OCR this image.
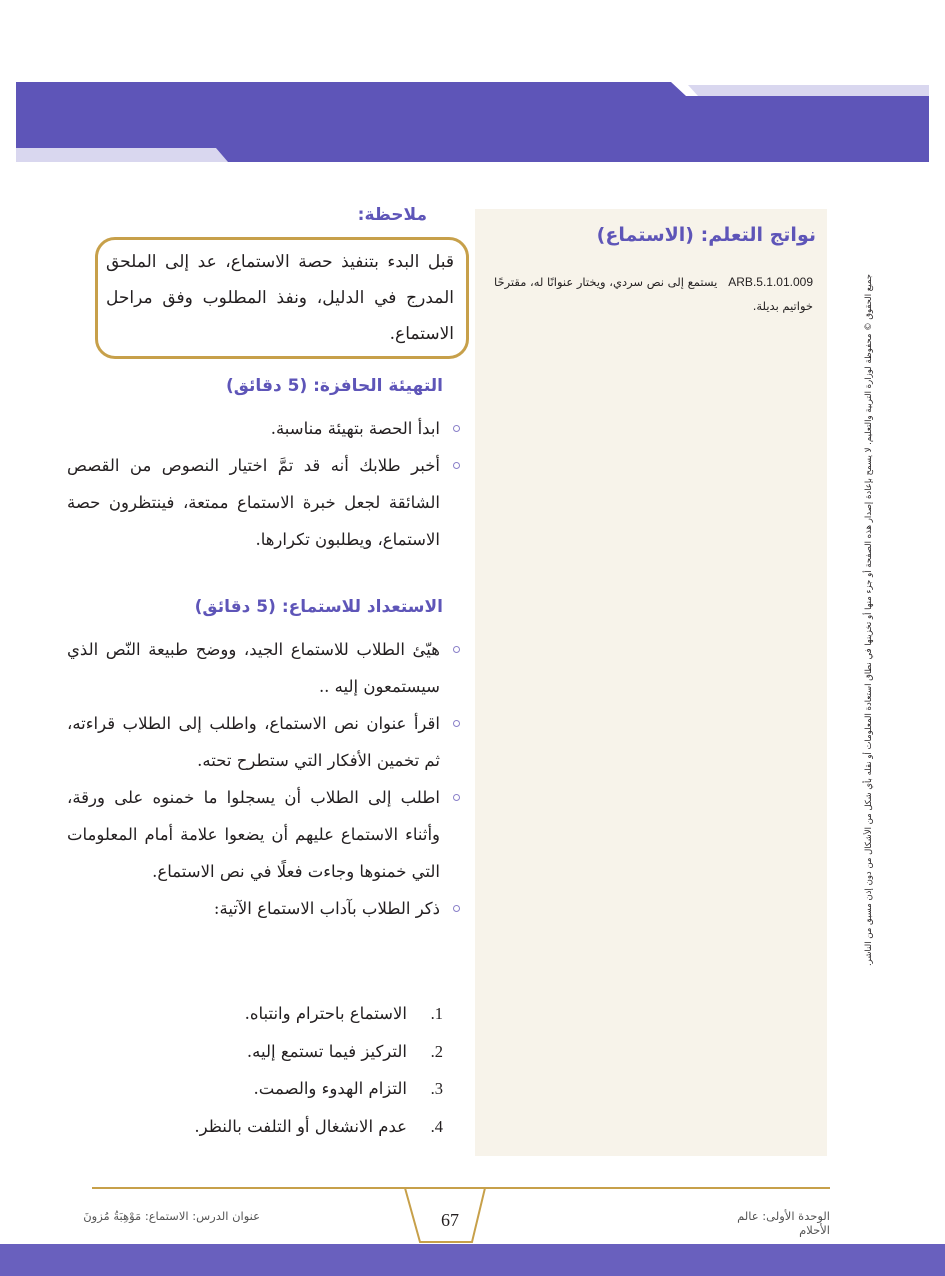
نواتج التعلم: (الاستماع)
ARB.5.1.01.009   يستمع إلى نص سردي، ويختار عنوانًا له، مقترحًا خواتيم بديلة.	جميع الحقوق © محفوظة لوزارة التربية والتعليم. لا يسمح بإعادة إصدار هذه الصفحة أو جزء منها أو تخزينها في نطاق استعادة المعلومات أو نقله بأي شكل من الأشكال من دون إذن مسبق من الناشر.
ملاحظة:
قبل البدء بتنفيذ حصة الاستماع، عد إلى الملحق المدرج في الدليل، ونفذ المطلوب وفق مراحل الاستماع.
التهيئة الحافزة: (5 دقائق)
ابدأ الحصة بتهيئة مناسبة.
أخبر طلابك أنه قد تمَّ اختيار النصوص من القصص الشائقة لجعل خبرة الاستماع ممتعة، فينتظرون حصة الاستماع، ويطلبون تكرارها.
الاستعداد للاستماع: (5 دقائق)
هيّئ الطلاب للاستماع الجيد، ووضح طبيعة النّص الذي سيستمعون إليه ..
اقرأ عنوان نص الاستماع، واطلب إلى الطلاب قراءته، ثم تخمين الأفكار التي ستطرح تحته.
اطلب إلى الطلاب أن يسجلوا ما خمنوه على ورقة، وأثناء الاستماع عليهم أن يضعوا علامة أمام المعلومات التي خمنوها وجاءت فعلًا في نص الاستماع.
ذكر الطلاب بآداب الاستماع الآتية:
1.
الاستماع باحترام وانتباه.
2.
التركيز فيما تستمع إليه.
3.
التزام الهدوء والصمت.
4.
عدم الانشغال أو التلفت بالنظر.
الوحدة الأولى: عالم الأحلام
67
عنوان الدرس: الاستماع: مَوْهِبَةُ مُزونَ
